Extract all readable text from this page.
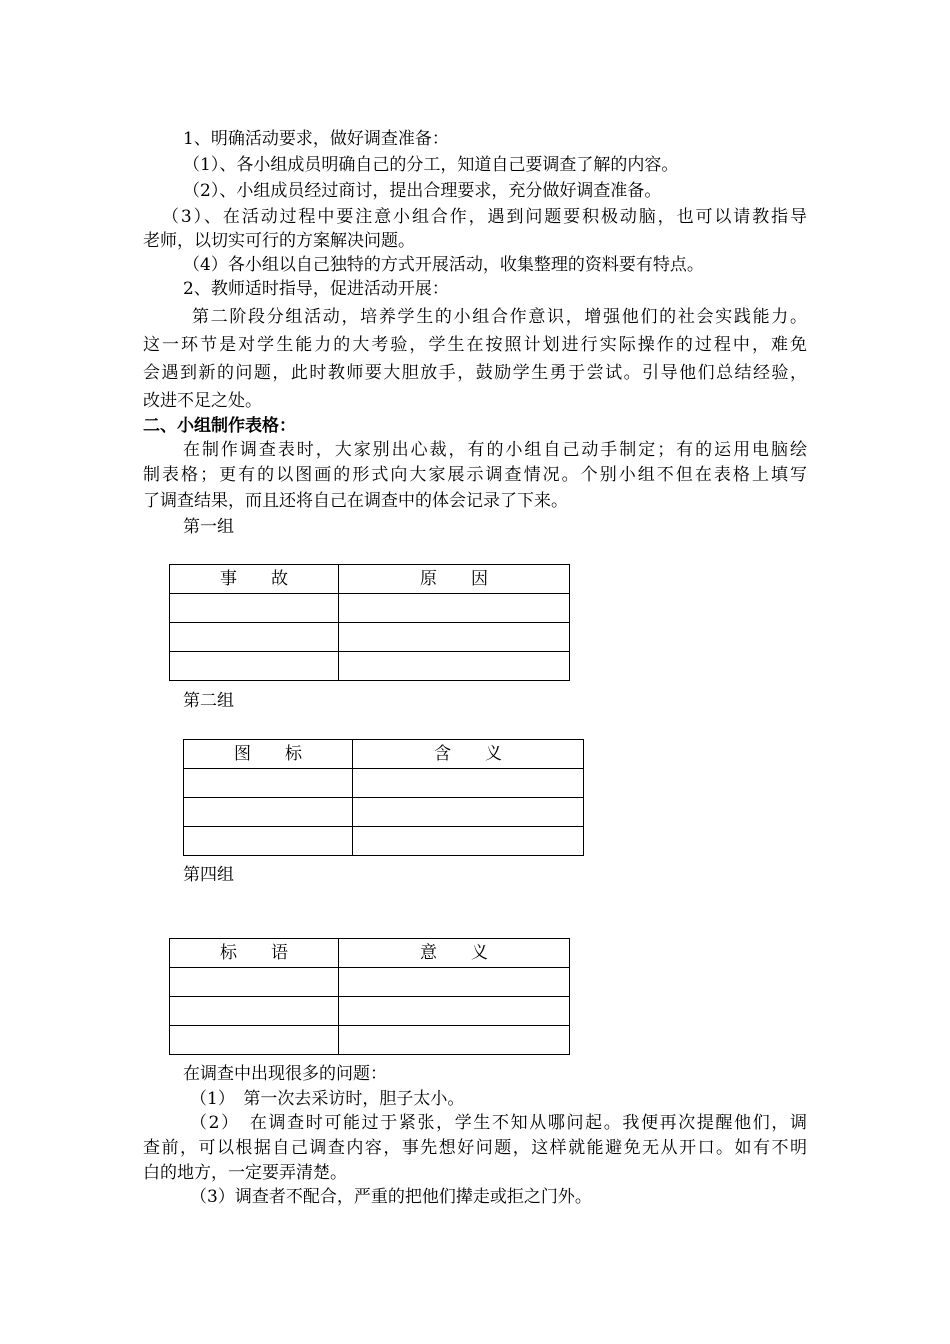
1、明确活动要求，做好调查准备：
（1）、各小组成员明确自己的分工，知道自己要调查了解的内容。
（2）、小组成员经过商讨，提出合理要求，充分做好调查准备。
（3）、在活动过程中要注意小组合作，遇到问题要积极动脑，也可以请教指导
老师，以切实可行的方案解决问题。
（4）各小组以自己独特的方式开展活动，收集整理的资料要有特点。
2、教师适时指导，促进活动开展：
第二阶段分组活动，培养学生的小组合作意识，增强他们的社会实践能力。
这一环节是对学生能力的大考验，学生在按照计划进行实际操作的过程中，难免
会遇到新的问题，此时教师要大胆放手，鼓励学生勇于尝试。引导他们总结经验，
改进不足之处。
二、小组制作表格：
在制作调查表时，大家别出心裁，有的小组自己动手制定；有的运用电脑绘
制表格；更有的以图画的形式向大家展示调查情况。个别小组不但在表格上填写
了调查结果，而且还将自己在调查中的体会记录了下来。
第一组
事　　故	原　　因

第二组
图　　标	含　　义

第四组
标　　语	意　　义

在调查中出现很多的问题：
（1）　第一次去采访时，胆子太小。
（2）　在调查时可能过于紧张，学生不知从哪问起。我便再次提醒他们，调
查前，可以根据自己调查内容，事先想好问题，这样就能避免无从开口。如有不明
白的地方，一定要弄清楚。
（3）调查者不配合，严重的把他们撵走或拒之门外。
